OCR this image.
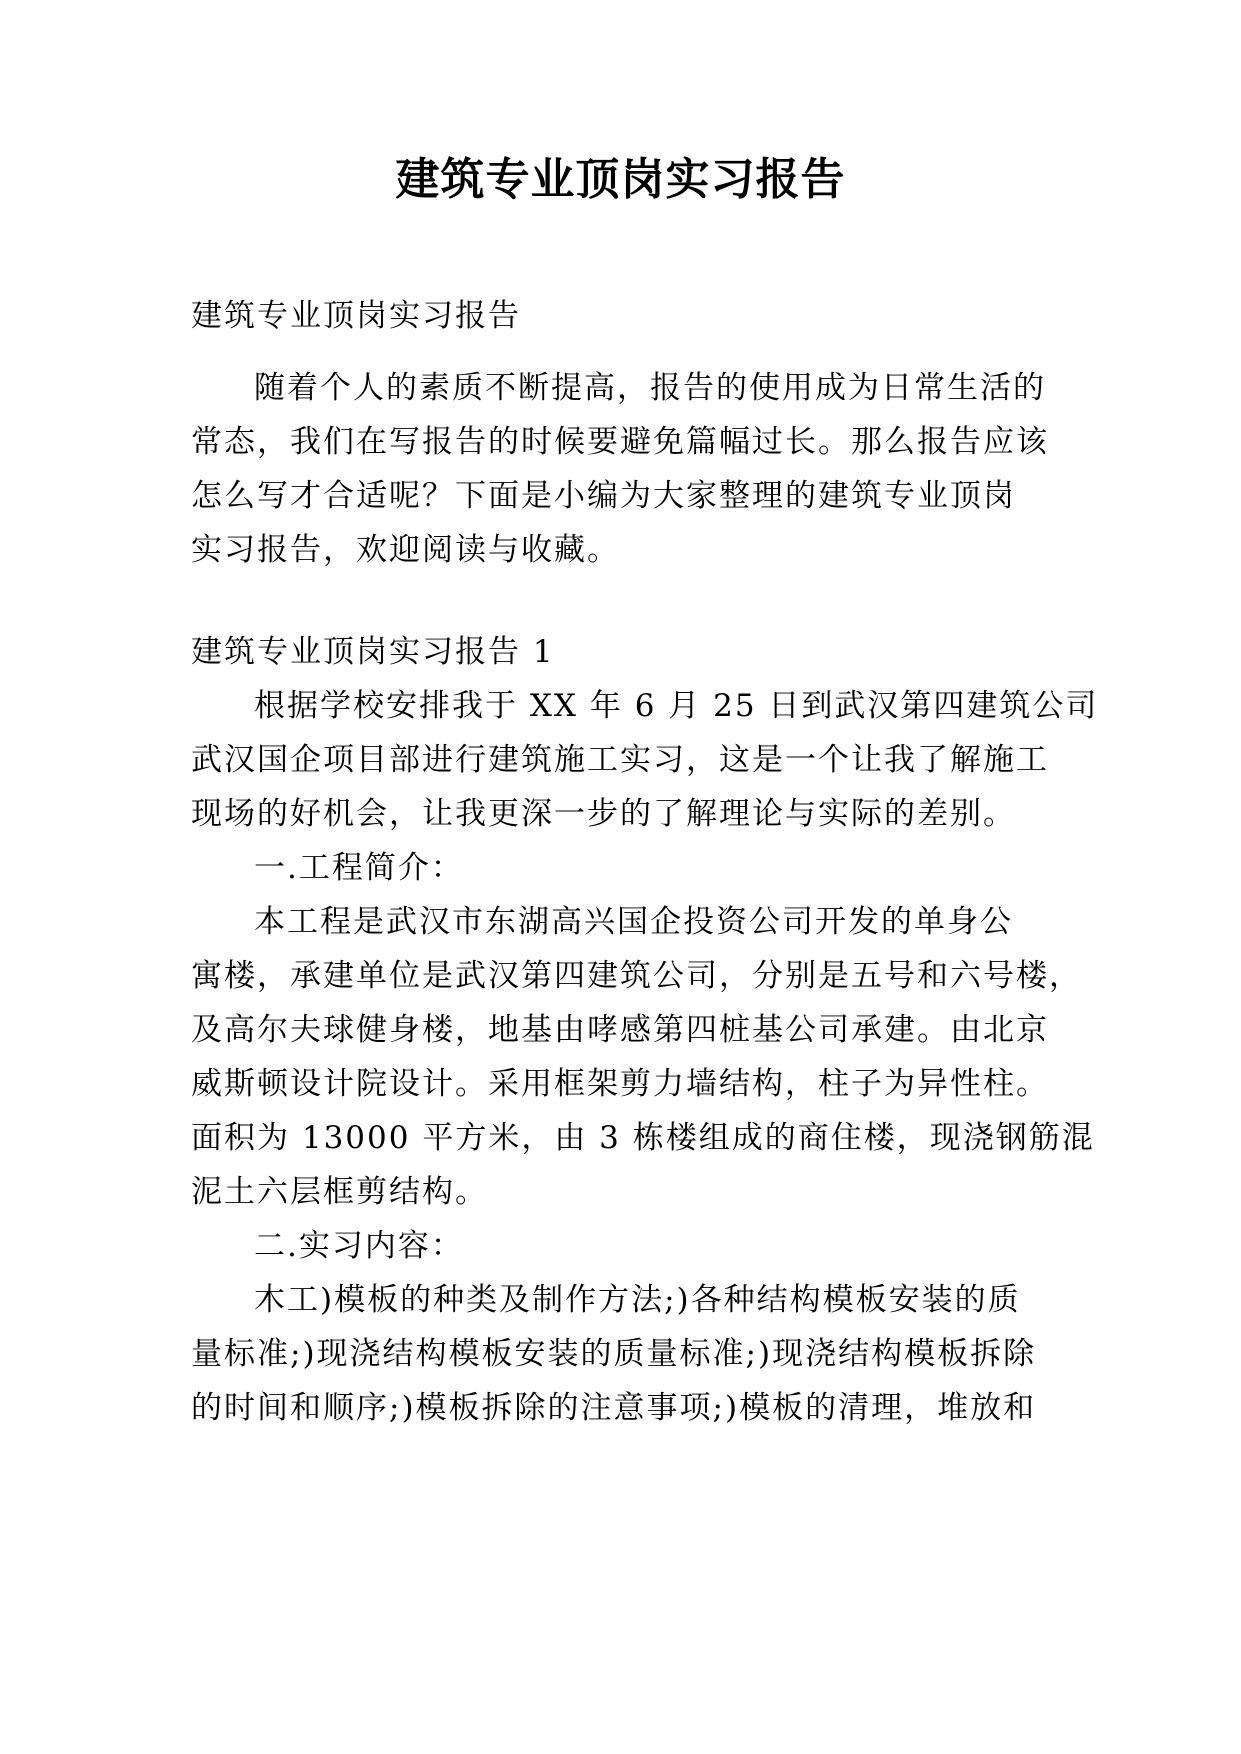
建筑专业顶岗实习报告
建筑专业顶岗实习报告
随着个人的素质不断提高，报告的使用成为日常生活的
常态，我们在写报告的时候要避免篇幅过长。那么报告应该
怎么写才合适呢？下面是小编为大家整理的建筑专业顶岗
实习报告，欢迎阅读与收藏。
建筑专业顶岗实习报告 1
根据学校安排我于 XX 年 6 月 25 日到武汉第四建筑公司
武汉国企项目部进行建筑施工实习，这是一个让我了解施工
现场的好机会，让我更深一步的了解理论与实际的差别。
一.工程简介：
本工程是武汉市东湖高兴国企投资公司开发的单身公
寓楼，承建单位是武汉第四建筑公司，分别是五号和六号楼，
及高尔夫球健身楼，地基由哮感第四桩基公司承建。由北京
威斯顿设计院设计。采用框架剪力墙结构，柱子为异性柱。
面积为 13000 平方米，由 3 栋楼组成的商住楼，现浇钢筋混
泥土六层框剪结构。
二.实习内容：
木工)模板的种类及制作方法;)各种结构模板安装的质
量标准;)现浇结构模板安装的质量标准;)现浇结构模板拆除
的时间和顺序;)模板拆除的注意事项;)模板的清理，堆放和
